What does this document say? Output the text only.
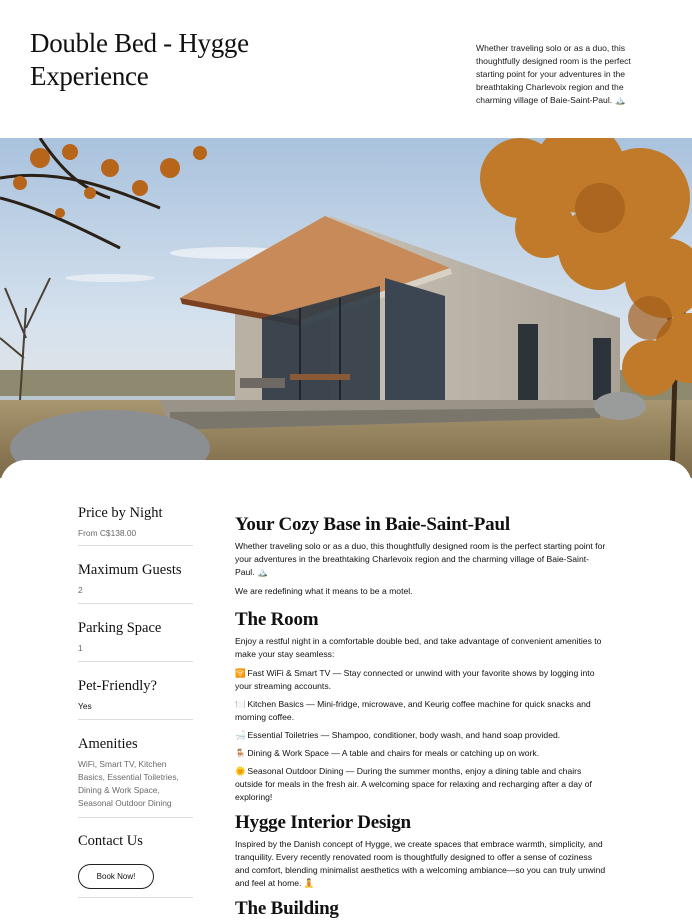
Double Bed - Hygge Experience

Whether traveling solo or as a duo, this thoughtfully designed room is the perfect starting point for your adventures in the breathtaking Charlevoix region and the charming village of Baie-Saint-Paul. 🏔️

Price by Night
From C$138.00
Maximum Guests
2
Parking Space
1
Pet-Friendly?
Yes
Amenities
WiFi, Smart TV, Kitchen Basics, Essential Toiletries, Dining & Work Space, Seasonal Outdoor Dining
Contact Us
Book Now!
Your Cozy Base in Baie-Saint-Paul

Whether traveling solo or as a duo, this thoughtfully designed room is the perfect starting point for your adventures in the breathtaking Charlevoix region and the charming village of Baie-Saint-Paul. 🏔️

We are redefining what it means to be a motel.

The Room

Enjoy a restful night in a comfortable double bed, and take advantage of convenient amenities to make your stay seamless:

🛜 Fast WiFi & Smart TV — Stay connected or unwind with your favorite shows by logging into your streaming accounts.

🍽️ Kitchen Basics — Mini-fridge, microwave, and Keurig coffee machine for quick snacks and morning coffee.

🛁 Essential Toiletries — Shampoo, conditioner, body wash, and hand soap provided.

🪑 Dining & Work Space — A table and chairs for meals or catching up on work.

🌞 Seasonal Outdoor Dining — During the summer months, enjoy a dining table and chairs outside for meals in the fresh air. A welcoming space for relaxing and recharging after a day of exploring!

Hygge Interior Design

Inspired by the Danish concept of Hygge, we create spaces that embrace warmth, simplicity, and tranquility. Every recently renovated room is thoughtfully designed to offer a sense of coziness and comfort, blending minimalist aesthetics with a welcoming ambiance—so you can truly unwind and feel at home. 🧘

The Building
